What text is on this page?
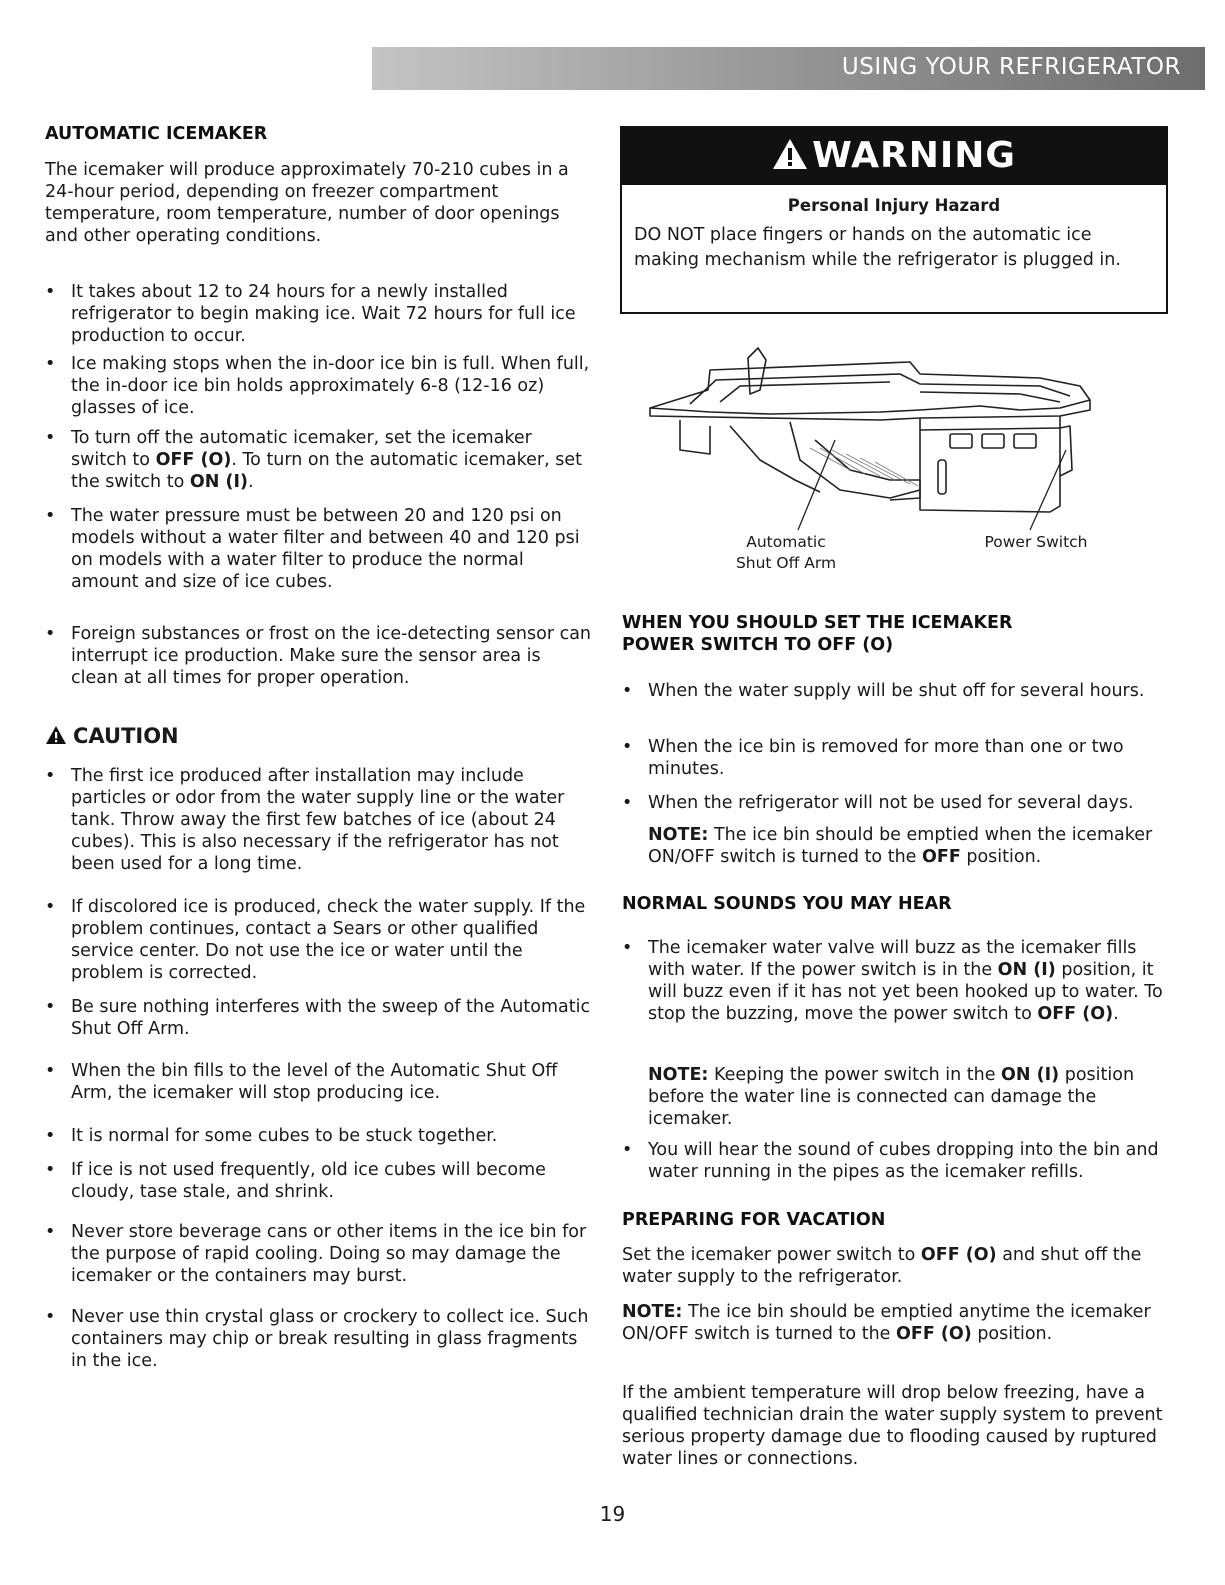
USING YOUR REFRIGERATOR
AUTOMATIC ICEMAKER
The icemaker will produce approximately 70-210 cubes in a 24-hour period, depending on freezer compartment temperature, room temperature, number of door openings and other operating conditions.
• It takes about 12 to 24 hours for a newly installed refrigerator to begin making ice. Wait 72 hours for full ice production to occur.
• Ice making stops when the in-door ice bin is full. When full, the in-door ice bin holds approximately 6-8 (12-16 oz) glasses of ice.
• To turn off the automatic icemaker, set the icemaker switch to OFF (O). To turn on the automatic icemaker, set the switch to ON (I).
• The water pressure must be between 20 and 120 psi on models without a water filter and between 40 and 120 psi on models with a water filter to produce the normal amount and size of ice cubes.
• Foreign substances or frost on the ice-detecting sensor can interrupt ice production. Make sure the sensor area is clean at all times for proper operation.
CAUTION
• The first ice produced after installation may include particles or odor from the water supply line or the water tank. Throw away the first few batches of ice (about 24 cubes). This is also necessary if the refrigerator has not been used for a long time.
• If discolored ice is produced, check the water supply. If the problem continues, contact a Sears or other qualified service center. Do not use the ice or water until the problem is corrected.
• Be sure nothing interferes with the sweep of the Automatic Shut Off Arm.
• When the bin fills to the level of the Automatic Shut Off Arm, the icemaker will stop producing ice.
• It is normal for some cubes to be stuck together.
• If ice is not used frequently, old ice cubes will become cloudy, tase stale, and shrink.
• Never store beverage cans or other items in the ice bin for the purpose of rapid cooling. Doing so may damage the icemaker or the containers may burst.
• Never use thin crystal glass or crockery to collect ice. Such containers may chip or break resulting in glass fragments in the ice.
WARNING
Personal Injury Hazard
DO NOT place fingers or hands on the automatic ice making mechanism while the refrigerator is plugged in.
Automatic
Shut Off Arm
Power Switch
WHEN YOU SHOULD SET THE ICEMAKER
POWER SWITCH TO OFF (O)
• When the water supply will be shut off for several hours.
• When the ice bin is removed for more than one or two minutes.
• When the refrigerator will not be used for several days.
NOTE: The ice bin should be emptied when the icemaker ON/OFF switch is turned to the OFF position.
NORMAL SOUNDS YOU MAY HEAR
• The icemaker water valve will buzz as the icemaker fills with water. If the power switch is in the ON (I) position, it will buzz even if it has not yet been hooked up to water. To stop the buzzing, move the power switch to OFF (O).
NOTE: Keeping the power switch in the ON (I) position before the water line is connected can damage the icemaker.
• You will hear the sound of cubes dropping into the bin and water running in the pipes as the icemaker refills.
PREPARING FOR VACATION
Set the icemaker power switch to OFF (O) and shut off the water supply to the refrigerator.
NOTE: The ice bin should be emptied anytime the icemaker ON/OFF switch is turned to the OFF (O) position.
If the ambient temperature will drop below freezing, have a qualified technician drain the water supply system to prevent serious property damage due to flooding caused by ruptured water lines or connections.
19
